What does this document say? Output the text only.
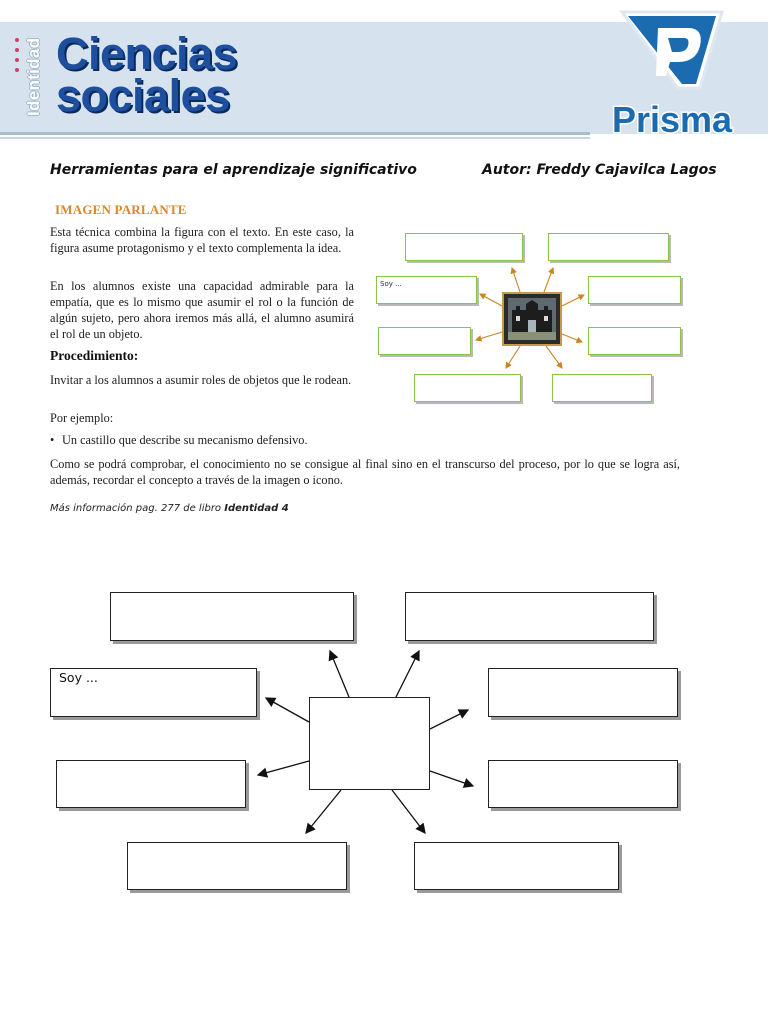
Identidad Ciencias
sociales	Prisma
Herramientas para el aprendizaje significativo	Autor: Freddy Cajavilca Lagos
IMAGEN PARLANTE
Esta técnica combina la figura con el texto. En este caso, la figura asume protagonismo y el texto complementa la idea.
En los alumnos existe una capacidad admirable para la empatía, que es lo mismo que asumir el rol o la función de algún sujeto, pero ahora iremos más allá, el alumno asumirá el rol de un objeto.
Procedimiento:
Invitar a los alumnos a asumir roles de objetos que le rodean.
Por ejemplo:
• Un castillo que describe su mecanismo defensivo.
Como se podrá comprobar, el conocimiento no se consigue al final sino en el transcurso del proceso, por lo que se logra así, además, recordar el concepto a través de la imagen o icono.
Más información pag. 277 de libro Identidad 4
Soy ...
Soy ...
